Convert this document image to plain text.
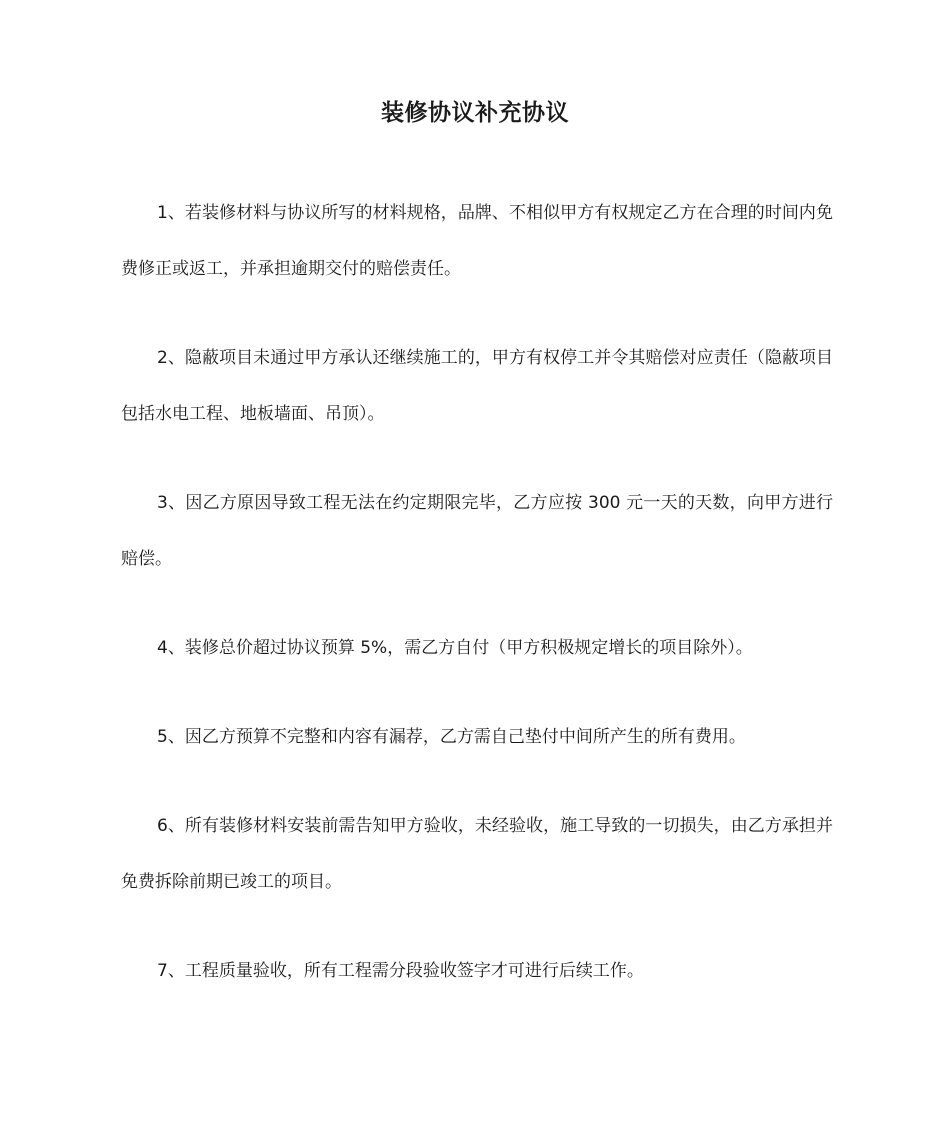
装修协议补充协议

1、若装修材料与协议所写的材料规格，品牌、不相似甲方有权规定乙方在合理的时间内免费修正或返工，并承担逾期交付的赔偿责任。

2、隐蔽项目未通过甲方承认还继续施工的，甲方有权停工并令其赔偿对应责任（隐蔽项目包括水电工程、地板墙面、吊顶）。

3、因乙方原因导致工程无法在约定期限完毕，乙方应按 300 元一天的天数，向甲方进行赔偿。

4、装修总价超过协议预算 5%，需乙方自付（甲方积极规定增长的项目除外）。

5、因乙方预算不完整和内容有漏荐，乙方需自己垫付中间所产生的所有费用。

6、所有装修材料安装前需告知甲方验收，未经验收，施工导致的一切损失，由乙方承担并免费拆除前期已竣工的项目。

7、工程质量验收，所有工程需分段验收签字才可进行后续工作。
